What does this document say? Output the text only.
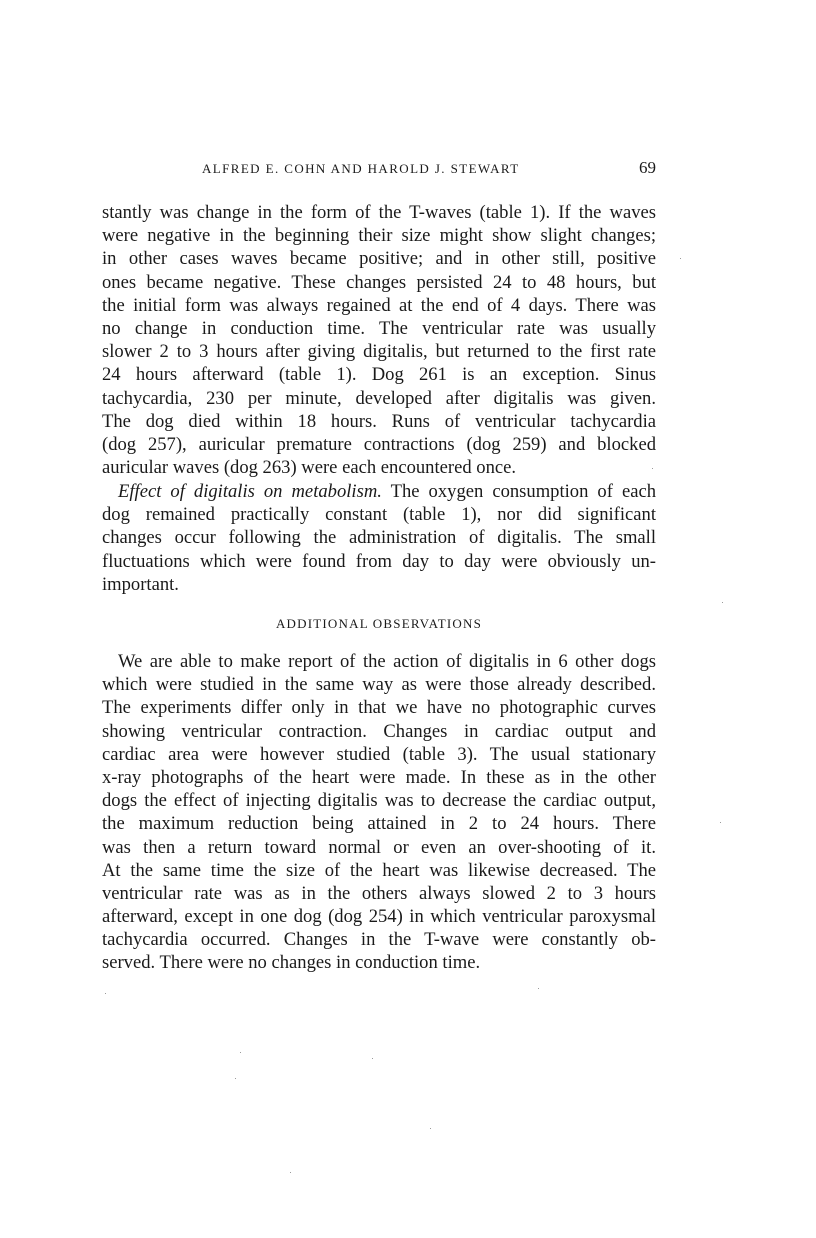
ALFRED E. COHN AND HAROLD J. STEWART	69
stantly was change in the form of the T-waves (table 1). If the waves
were negative in the beginning their size might show slight changes;
in other cases waves became positive; and in other still, positive
ones became negative. These changes persisted 24 to 48 hours, but
the initial form was always regained at the end of 4 days. There was
no change in conduction time. The ventricular rate was usually
slower 2 to 3 hours after giving digitalis, but returned to the first rate
24 hours afterward (table 1). Dog 261 is an exception. Sinus
tachycardia, 230 per minute, developed after digitalis was given.
The dog died within 18 hours. Runs of ventricular tachycardia
(dog 257), auricular premature contractions (dog 259) and blocked
auricular waves (dog 263) were each encountered once.
Effect of digitalis on metabolism. The oxygen consumption of each
dog remained practically constant (table 1), nor did significant
changes occur following the administration of digitalis. The small
fluctuations which were found from day to day were obviously un-
important.
ADDITIONAL OBSERVATIONS
We are able to make report of the action of digitalis in 6 other dogs
which were studied in the same way as were those already described.
The experiments differ only in that we have no photographic curves
showing ventricular contraction. Changes in cardiac output and
cardiac area were however studied (table 3). The usual stationary
x-ray photographs of the heart were made. In these as in the other
dogs the effect of injecting digitalis was to decrease the cardiac output,
the maximum reduction being attained in 2 to 24 hours. There
was then a return toward normal or even an over-shooting of it.
At the same time the size of the heart was likewise decreased. The
ventricular rate was as in the others always slowed 2 to 3 hours
afterward, except in one dog (dog 254) in which ventricular paroxysmal
tachycardia occurred. Changes in the T-wave were constantly ob-
served. There were no changes in conduction time.
